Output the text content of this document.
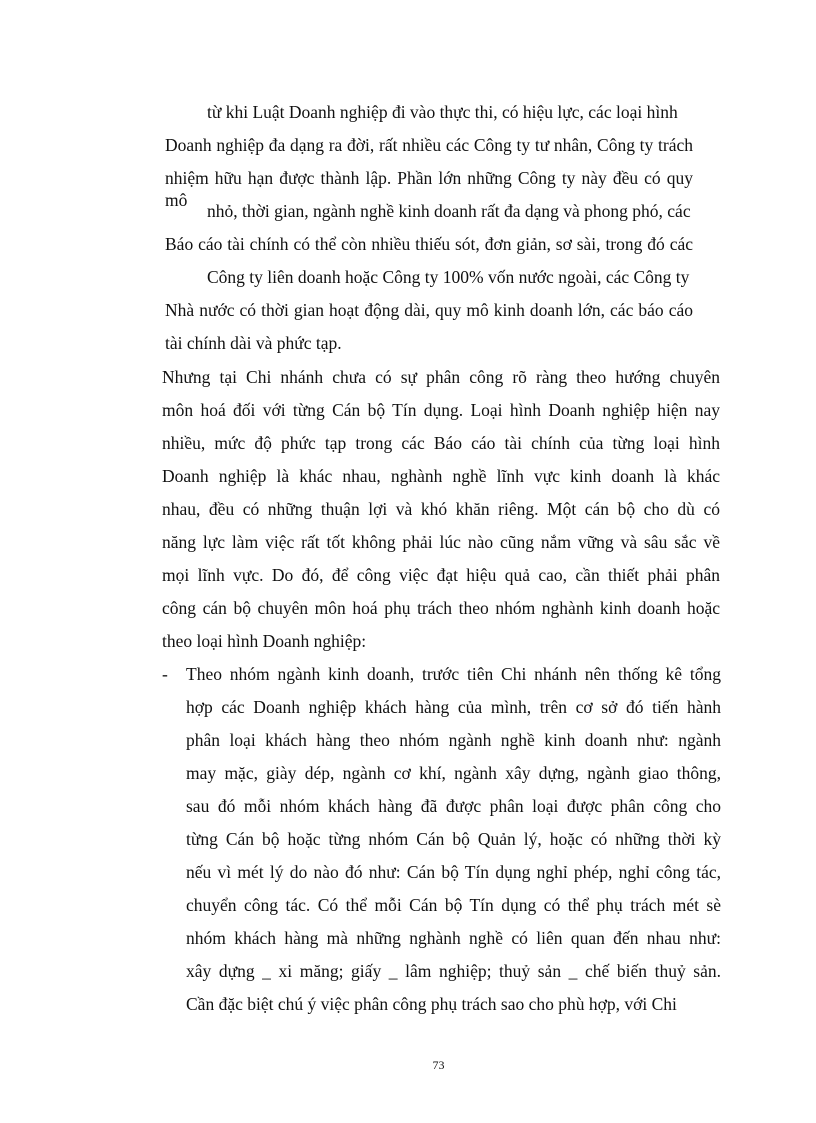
từ khi Luật Doanh nghiệp đi vào thực thi, có hiệu lực, các loại hình
Doanh nghiệp đa dạng ra đời, rất nhiều các Công ty tư nhân, Công ty trách
nhiệm hữu hạn được thành lập. Phần lớn những Công ty này đều có quy mô
nhỏ, thời gian, ngành nghề kinh doanh rất đa dạng và phong phó, các
Báo cáo tài chính có thể còn nhiều thiếu sót, đơn giản, sơ sài, trong đó các
Công ty liên doanh hoặc Công ty 100% vốn nước ngoài, các Công ty
Nhà nước có thời gian hoạt động dài, quy mô kinh doanh lớn, các báo cáo
tài chính dài và phức tạp.
Nhưng tại Chi nhánh chưa có sự phân công rõ ràng theo hướng chuyên
môn hoá đối với từng Cán bộ Tín dụng. Loại hình Doanh nghiệp hiện nay
nhiều, mức độ phức tạp trong các Báo cáo tài chính của từng loại hình
Doanh nghiệp là khác nhau, nghành nghề lĩnh vực kinh doanh là khác
nhau, đều có những thuận lợi và khó khăn riêng. Một cán bộ cho dù có
năng lực làm việc rất tốt không phải lúc nào cũng nắm vững và sâu sắc về
mọi lĩnh vực. Do đó, để công việc đạt hiệu quả cao, cần thiết phải phân
công cán bộ chuyên môn hoá phụ trách theo nhóm nghành kinh doanh hoặc
theo loại hình Doanh nghiệp:
- Theo nhóm ngành kinh doanh, trước tiên Chi nhánh nên thống kê tổng
hợp các Doanh nghiệp khách hàng của mình, trên cơ sở đó tiến hành
phân loại khách hàng theo nhóm ngành nghề kinh doanh như: ngành
may mặc, giày dép, ngành cơ khí, ngành xây dựng, ngành giao thông,
sau đó mỗi nhóm khách hàng đã được phân loại được phân công cho
từng Cán bộ hoặc từng nhóm Cán bộ Quản lý, hoặc có những thời kỳ
nếu vì mét lý do nào đó như: Cán bộ Tín dụng nghỉ phép, nghỉ công tác,
chuyển công tác. Có thể mỗi Cán bộ Tín dụng có thể phụ trách mét sè
nhóm khách hàng mà những nghành nghề có liên quan đến nhau như:
xây dựng _ xi măng; giấy _ lâm nghiệp; thuỷ sản _ chế biến thuỷ sản.
Cần đặc biệt chú ý việc phân công phụ trách sao cho phù hợp, với Chi
73
